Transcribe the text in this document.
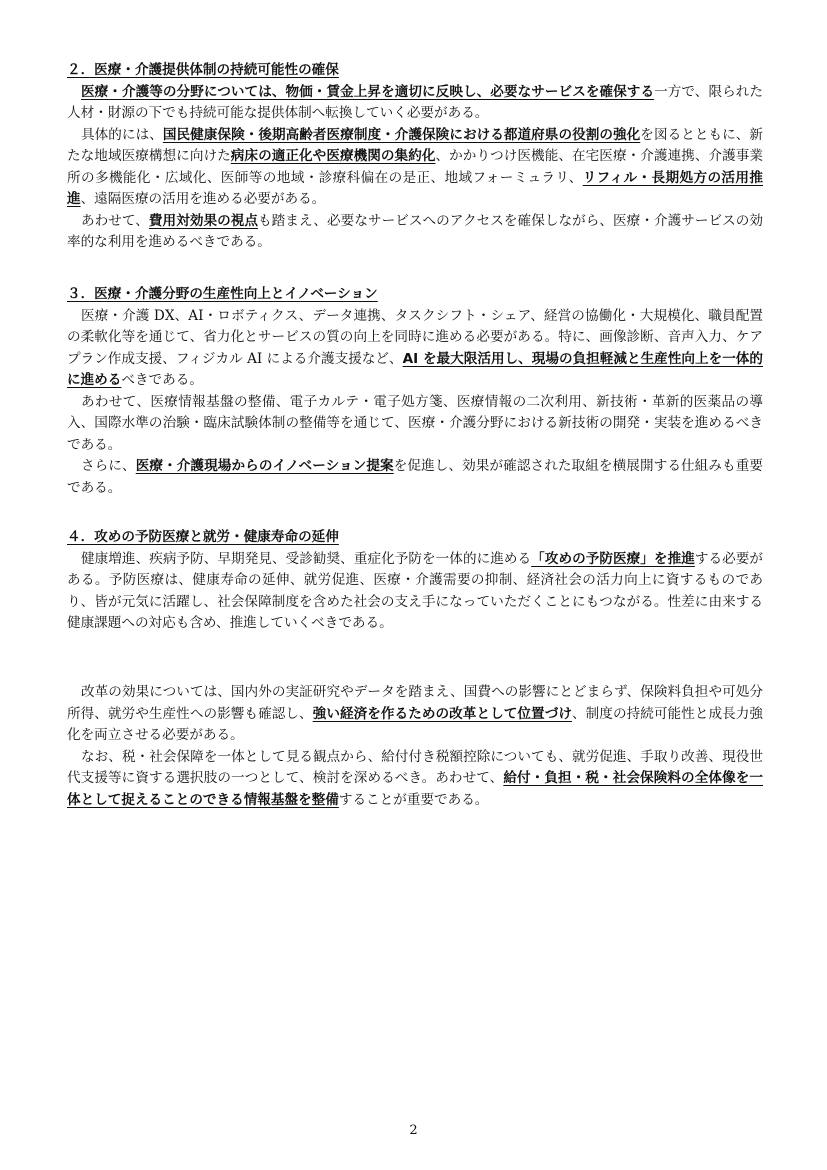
２．医療・介護提供体制の持続可能性の確保
医療・介護等の分野については、物価・賃金上昇を適切に反映し、必要なサービスを確保する一方で、限られた人材・財源の下でも持続可能な提供体制へ転換していく必要がある。
具体的には、国民健康保険・後期高齢者医療制度・介護保険における都道府県の役割の強化を図るとともに、新たな地域医療構想に向けた病床の適正化や医療機関の集約化、かかりつけ医機能、在宅医療・介護連携、介護事業所の多機能化・広域化、医師等の地域・診療科偏在の是正、地域フォーミュラリ、リフィル・長期処方の活用推進、遠隔医療の活用を進める必要がある。
あわせて、費用対効果の視点も踏まえ、必要なサービスへのアクセスを確保しながら、医療・介護サービスの効率的な利用を進めるべきである。
３．医療・介護分野の生産性向上とイノベーション
医療・介護 DX、AI・ロボティクス、データ連携、タスクシフト・シェア、経営の協働化・大規模化、職員配置の柔軟化等を通じて、省力化とサービスの質の向上を同時に進める必要がある。特に、画像診断、音声入力、ケアプラン作成支援、フィジカル AI による介護支援など、AI を最大限活用し、現場の負担軽減と生産性向上を一体的に進めるべきである。
あわせて、医療情報基盤の整備、電子カルテ・電子処方箋、医療情報の二次利用、新技術・革新的医薬品の導入、国際水準の治験・臨床試験体制の整備等を通じて、医療・介護分野における新技術の開発・実装を進めるべきである。
さらに、医療・介護現場からのイノベーション提案を促進し、効果が確認された取組を横展開する仕組みも重要である。
４．攻めの予防医療と就労・健康寿命の延伸
健康増進、疾病予防、早期発見、受診勧奨、重症化予防を一体的に進める「攻めの予防医療」を推進する必要がある。予防医療は、健康寿命の延伸、就労促進、医療・介護需要の抑制、経済社会の活力向上に資するものであり、皆が元気に活躍し、社会保障制度を含めた社会の支え手になっていただくことにもつながる。性差に由来する健康課題への対応も含め、推進していくべきである。
改革の効果については、国内外の実証研究やデータを踏まえ、国費への影響にとどまらず、保険料負担や可処分所得、就労や生産性への影響も確認し、強い経済を作るための改革として位置づけ、制度の持続可能性と成長力強化を両立させる必要がある。
なお、税・社会保障を一体として見る観点から、給付付き税額控除についても、就労促進、手取り改善、現役世代支援等に資する選択肢の一つとして、検討を深めるべき。あわせて、給付・負担・税・社会保険料の全体像を一体として捉えることのできる情報基盤を整備することが重要である。
2
